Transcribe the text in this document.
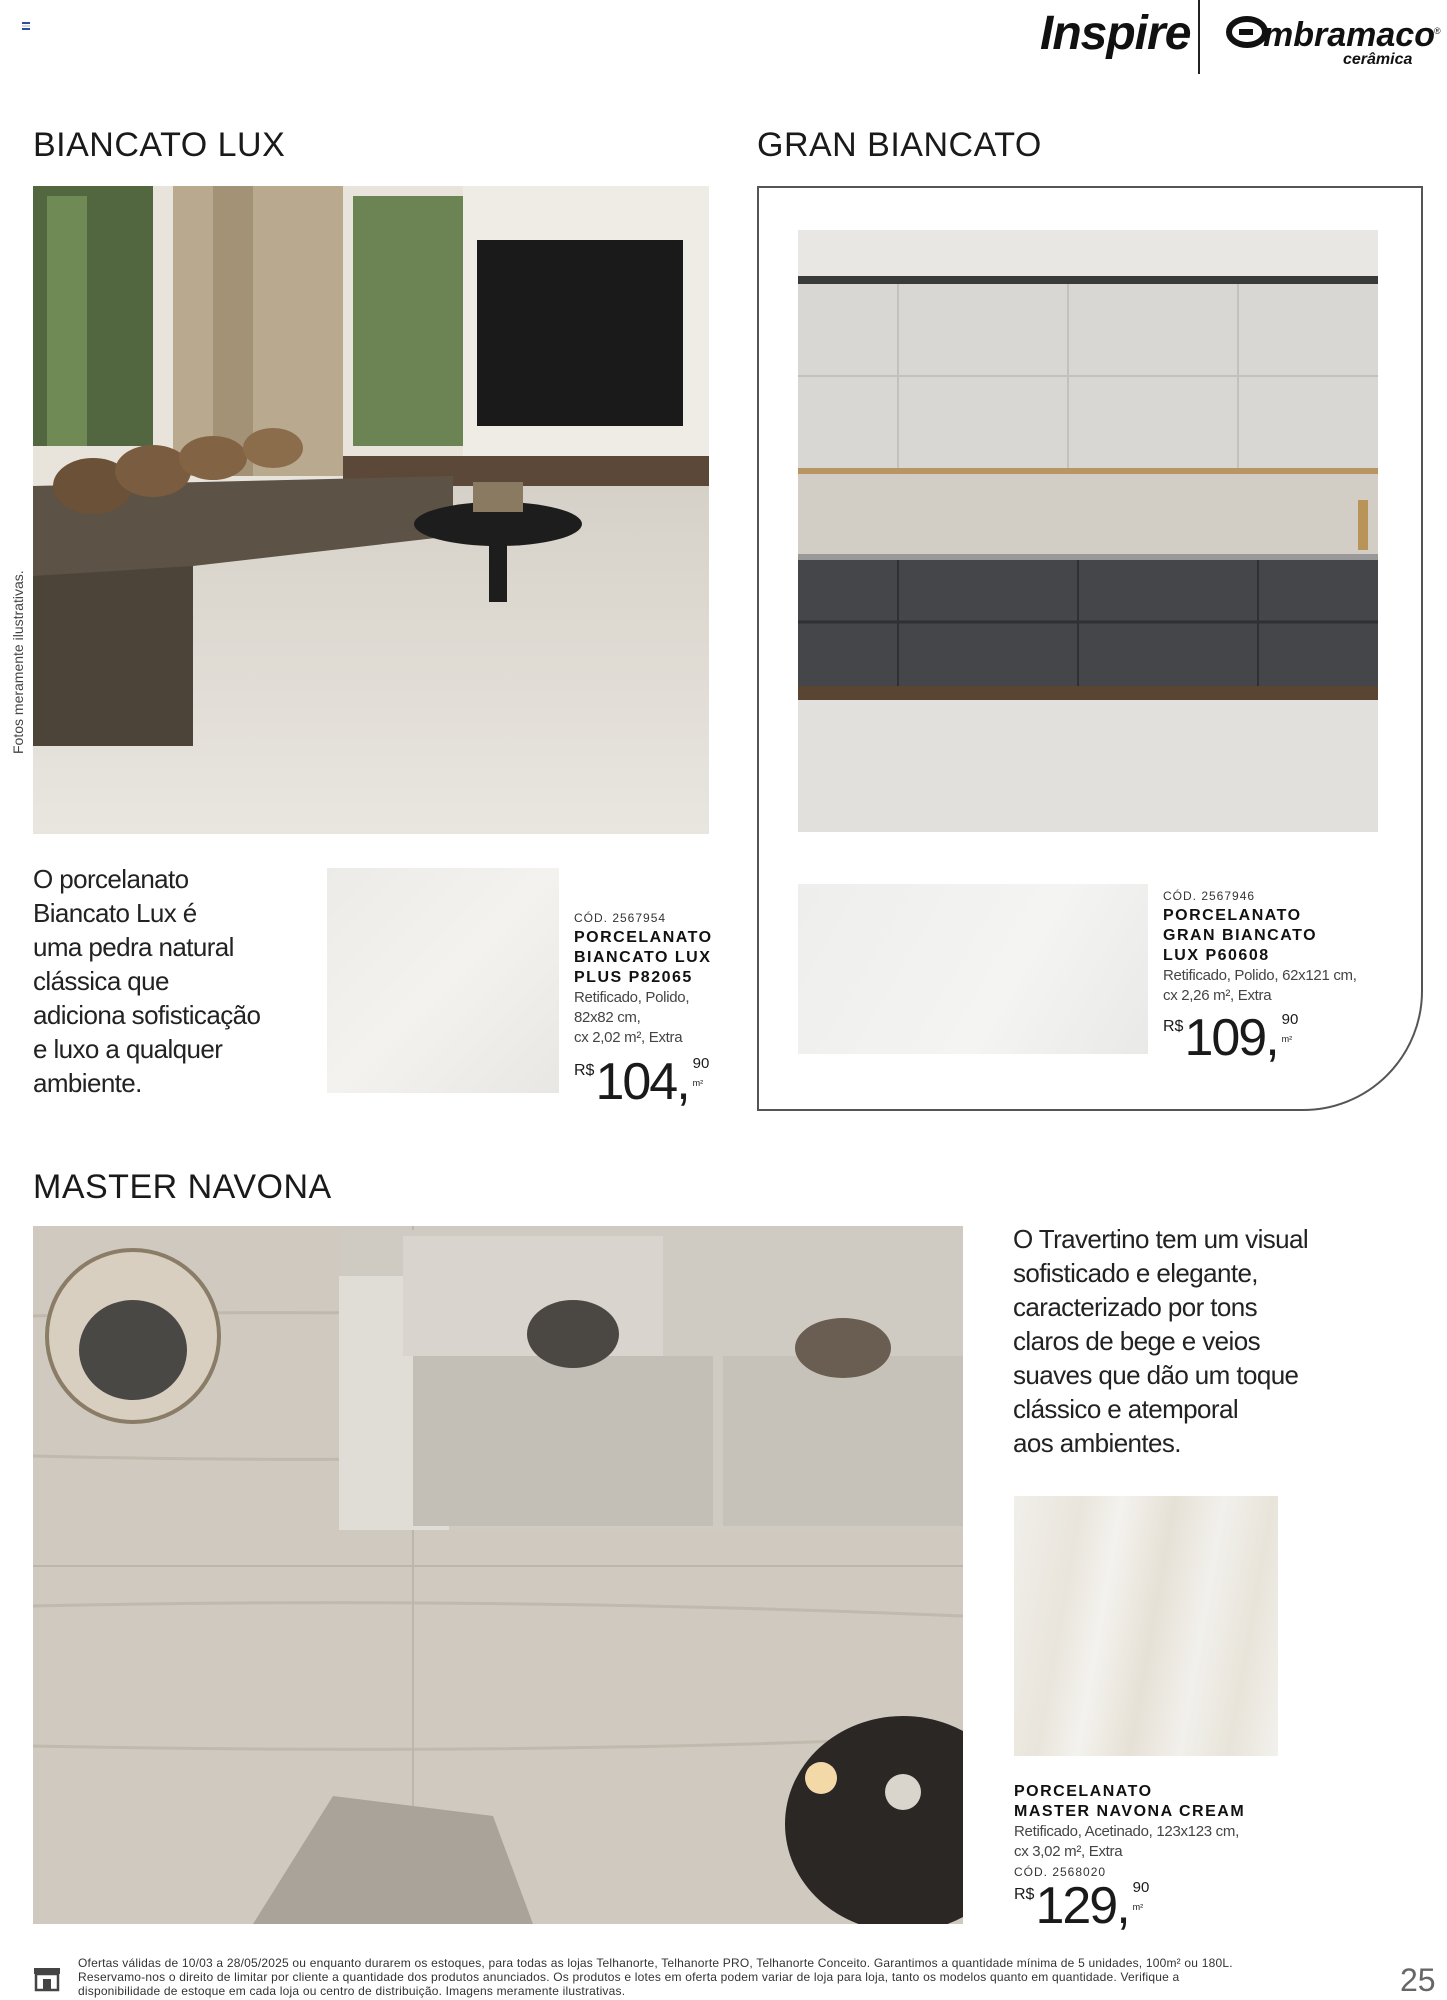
Inspire mbramaco ®
cerâmica
Fotos meramente ilustrativas.
BIANCATO LUX
O porcelanato
Biancato Lux é
uma pedra natural
clássica que
adiciona sofisticação
e luxo a qualquer
ambiente.
CÓD. 2567954
PORCELANATO
BIANCATO LUX
PLUS P82065
Retificado, Polido,
82x82 cm,
cx 2,02 m², Extra
R$ 104 , 90
m²
GRAN BIANCATO
CÓD. 2567946
PORCELANATO
GRAN BIANCATO
LUX P60608
Retificado, Polido, 62x121 cm,
cx 2,26 m², Extra
R$ 109 , 90
m²
MASTER NAVONA
O Travertino tem um visual
sofisticado e elegante,
caracterizado por tons
claros de bege e veios
suaves que dão um toque
clássico e atemporal
aos ambientes.
PORCELANATO
MASTER NAVONA CREAM
Retificado, Acetinado, 123x123 cm,
cx 3,02 m², Extra
CÓD. 2568020
R$ 129 , 90
m²
Ofertas válidas de 10/03 a 28/05/2025 ou enquanto durarem os estoques, para todas as lojas Telhanorte, Telhanorte PRO, Telhanorte Conceito. Garantimos a quantidade mínima de 5 unidades, 100m² ou 180L. Reservamo-nos o direito de limitar por cliente a quantidade dos produtos anunciados. Os produtos e lotes em oferta podem variar de loja para loja, tanto os modelos quanto em quantidade. Verifique a disponibilidade de estoque em cada loja ou centro de distribuição. Imagens meramente ilustrativas.	25
